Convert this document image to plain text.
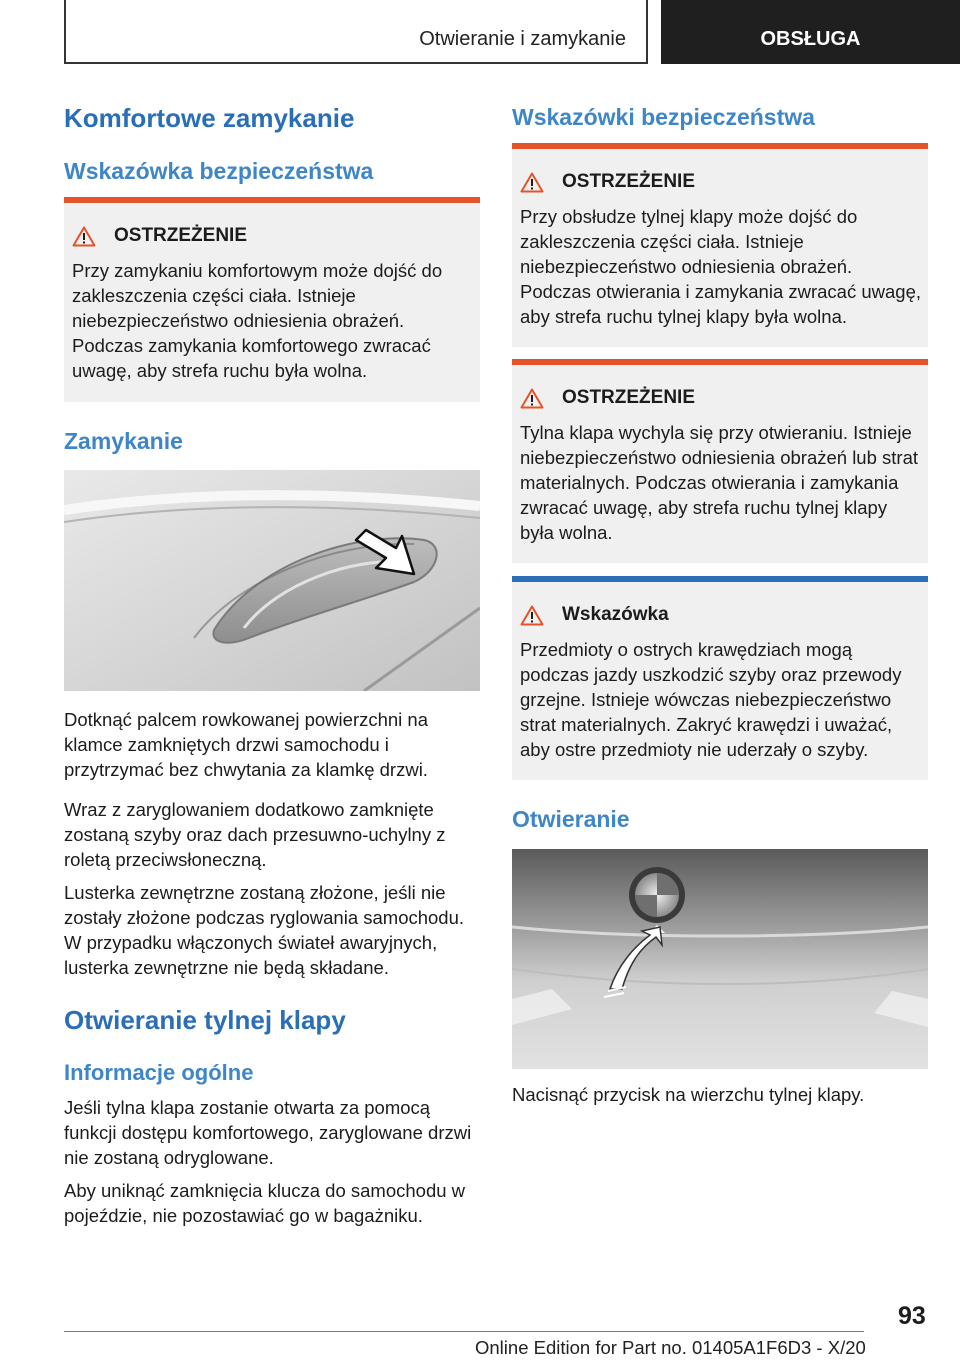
Otwieranie i zamykanie	OBSŁUGA
Komfortowe zamykanie
Wskazówka bezpieczeństwa
OSTRZEŻENIE

Przy zamykaniu komfortowym może dojść do zakleszczenia części ciała. Istnieje niebezpieczeństwo odniesienia obrażeń. Podczas zamykania komfortowego zwracać uwagę, aby strefa ruchu była wolna.

Zamykanie

Dotknąć palcem rowkowanej powierzchni na klamce zamkniętych drzwi samochodu i przytrzymać bez chwytania za klamkę drzwi.

Wraz z zaryglowaniem dodatkowo zamknięte zostaną szyby oraz dach przesuwno-uchylny z roletą przeciwsłoneczną.

Lusterka zewnętrzne zostaną złożone, jeśli nie zostały złożone podczas ryglowania samochodu. W przypadku włączonych świateł awaryjnych, lusterka zewnętrzne nie będą składane.

Otwieranie tylnej klapy
Informacje ogólne

Jeśli tylna klapa zostanie otwarta za pomocą funkcji dostępu komfortowego, zaryglowane drzwi nie zostaną odryglowane.

Aby uniknąć zamknięcia klucza do samochodu w pojeździe, nie pozostawiać go w bagażniku.

Wskazówki bezpieczeństwa
OSTRZEŻENIE

Przy obsłudze tylnej klapy może dojść do zakleszczenia części ciała. Istnieje niebezpieczeństwo odniesienia obrażeń. Podczas otwierania i zamykania zwracać uwagę, aby strefa ruchu tylnej klapy była wolna.

OSTRZEŻENIE

Tylna klapa wychyla się przy otwieraniu. Istnieje niebezpieczeństwo odniesienia obrażeń lub strat materialnych. Podczas otwierania i zamykania zwracać uwagę, aby strefa ruchu tylnej klapy była wolna.

Wskazówka

Przedmioty o ostrych krawędziach mogą podczas jazdy uszkodzić szyby oraz przewody grzejne. Istnieje wówczas niebezpieczeństwo strat materialnych. Zakryć krawędzi i uważać, aby ostre przedmioty nie uderzały o szyby.

Otwieranie

Nacisnąć przycisk na wierzchu tylnej klapy.

93
Online Edition for Part no. 01405A1F6D3 - X/20
